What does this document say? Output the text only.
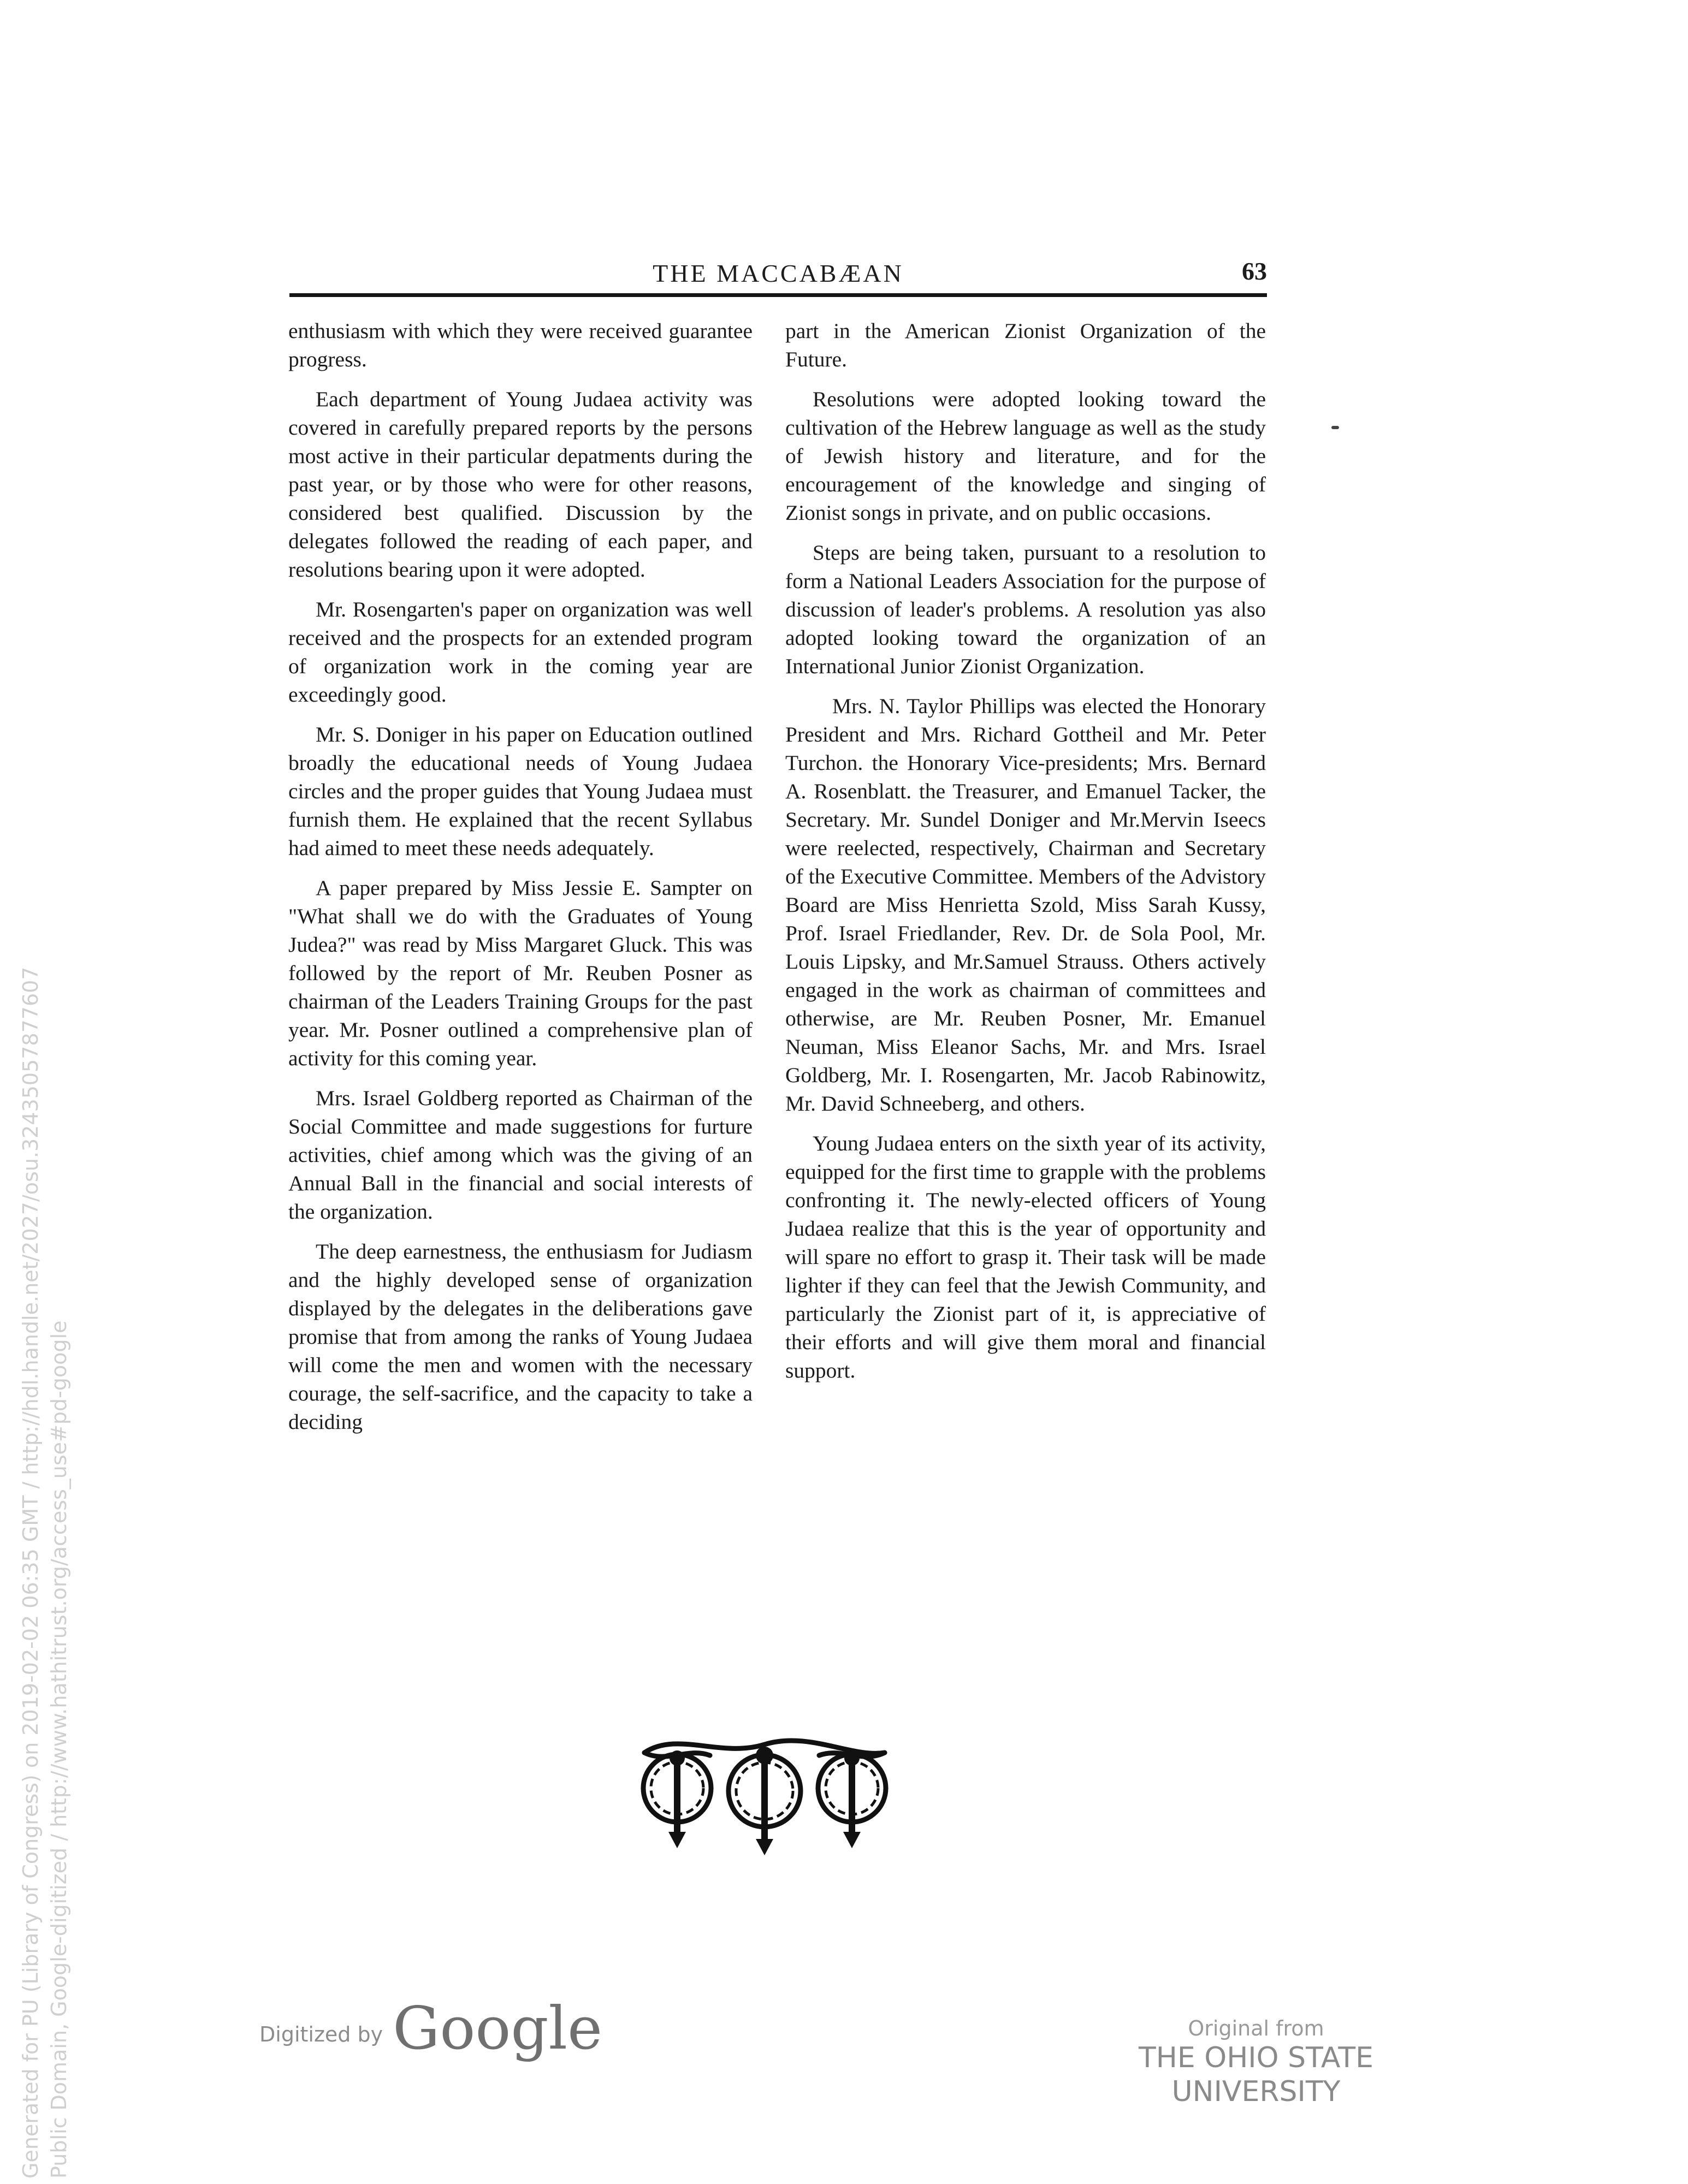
THE MACCABÆAN	63

enthusiasm with which they were received guarantee progress.

Each department of Young Judaea activity was covered in carefully prepared reports by the persons most active in their particular depatments during the past year, or by those who were for other reasons, considered best qualified. Discussion by the delegates followed the reading of each paper, and resolutions bearing upon it were adopted.

Mr. Rosengarten's paper on organization was well received and the prospects for an extended program of organization work in the coming year are exceedingly good.

Mr. S. Doniger in his paper on Education outlined broadly the educational needs of Young Judaea circles and the proper guides that Young Judaea must furnish them. He explained that the recent Syllabus had aimed to meet these needs adequately.

A paper prepared by Miss Jessie E. Sampter on "What shall we do with the Graduates of Young Judea?" was read by Miss Margaret Gluck. This was followed by the report of Mr. Reuben Posner as chairman of the Leaders Training Groups for the past year. Mr. Posner outlined a comprehensive plan of activity for this coming year.

Mrs. Israel Goldberg reported as Chairman of the Social Committee and made suggestions for furture activities, chief among which was the giving of an Annual Ball in the financial and social interests of the organization.

The deep earnestness, the enthusiasm for Judiasm and the highly developed sense of organization displayed by the delegates in the deliberations gave promise that from among the ranks of Young Judaea will come the men and women with the necessary courage, the self-sacrifice, and the capacity to take a deciding

part in the American Zionist Organization of the Future.

Resolutions were adopted looking toward the cultivation of the Hebrew language as well as the study of Jewish history and literature, and for the encouragement of the knowledge and singing of Zionist songs in private, and on public occasions.

Steps are being taken, pursuant to a resolution to form a National Leaders Association for the purpose of discussion of leader's problems. A resolution yas also adopted looking toward the organization of an International Junior Zionist Organization.

Mrs. N. Taylor Phillips was elected the Honorary President and Mrs. Richard Gottheil and Mr. Peter Turchon. the Honorary Vice-presidents; Mrs. Bernard A. Rosenblatt. the Treasurer, and Emanuel Tacker, the Secretary. Mr. Sundel Doniger and Mr.Mervin Iseecs were reelected, respectively, Chairman and Secretary of the Executive Committee. Members of the Advistory Board are Miss Henrietta Szold, Miss Sarah Kussy, Prof. Israel Friedlander, Rev. Dr. de Sola Pool, Mr. Louis Lipsky, and Mr.Samuel Strauss. Others actively engaged in the work as chairman of committees and otherwise, are Mr. Reuben Posner, Mr. Emanuel Neuman, Miss Eleanor Sachs, Mr. and Mrs. Israel Goldberg, Mr. I. Rosengarten, Mr. Jacob Rabinowitz, Mr. David Schneeberg, and others.

Young Judaea enters on the sixth year of its activity, equipped for the first time to grapple with the problems confronting it. The newly-elected officers of Young Judaea realize that this is the year of opportunity and will spare no effort to grasp it. Their task will be made lighter if they can feel that the Jewish Community, and particularly the Zionist part of it, is appreciative of their efforts and will give them moral and financial support.

Generated for PU (Library of Congress) on 2019-02-02 06:35 GMT / http://hdl.handle.net/2027/osu.32435057877607 Public Domain, Google-digitized / http://www.hathitrust.org/access_use#pd-google	Digitized by Google	Original from
THE OHIO STATE UNIVERSITY
